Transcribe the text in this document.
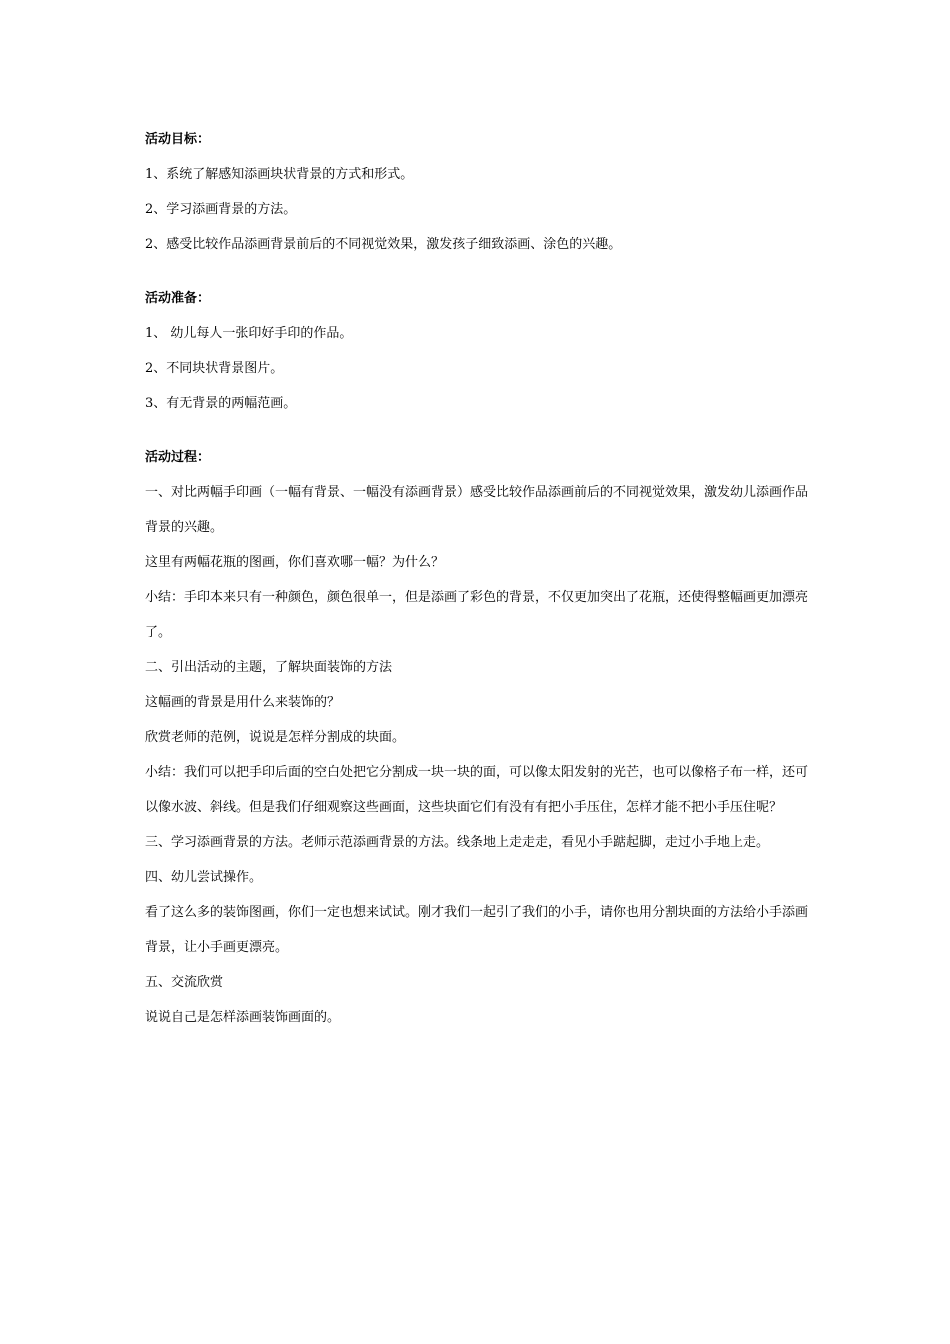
活动目标：

1、系统了解感知添画块状背景的方式和形式。

2、学习添画背景的方法。

2、感受比较作品添画背景前后的不同视觉效果，激发孩子细致添画、涂色的兴趣。

活动准备：

1、 幼儿每人一张印好手印的作品。

2、不同块状背景图片。

3、有无背景的两幅范画。

活动过程：

一、对比两幅手印画（一幅有背景、一幅没有添画背景）感受比较作品添画前后的不同视觉效果，激发幼儿添画作品背景的兴趣。

这里有两幅花瓶的图画，你们喜欢哪一幅？为什么？

小结：手印本来只有一种颜色，颜色很单一，但是添画了彩色的背景，不仅更加突出了花瓶，还使得整幅画更加漂亮了。

二、引出活动的主题，了解块面装饰的方法

这幅画的背景是用什么来装饰的？

欣赏老师的范例，说说是怎样分割成的块面。

小结：我们可以把手印后面的空白处把它分割成一块一块的面，可以像太阳发射的光芒，也可以像格子布一样，还可以像水波、斜线。但是我们仔细观察这些画面，这些块面它们有没有有把小手压住，怎样才能不把小手压住呢？

三、学习添画背景的方法。老师示范添画背景的方法。线条地上走走走，看见小手踮起脚，走过小手地上走。

四、幼儿尝试操作。

看了这么多的装饰图画，你们一定也想来试试。刚才我们一起引了我们的小手，请你也用分割块面的方法给小手添画背景，让小手画更漂亮。

五、交流欣赏

说说自己是怎样添画装饰画面的。
